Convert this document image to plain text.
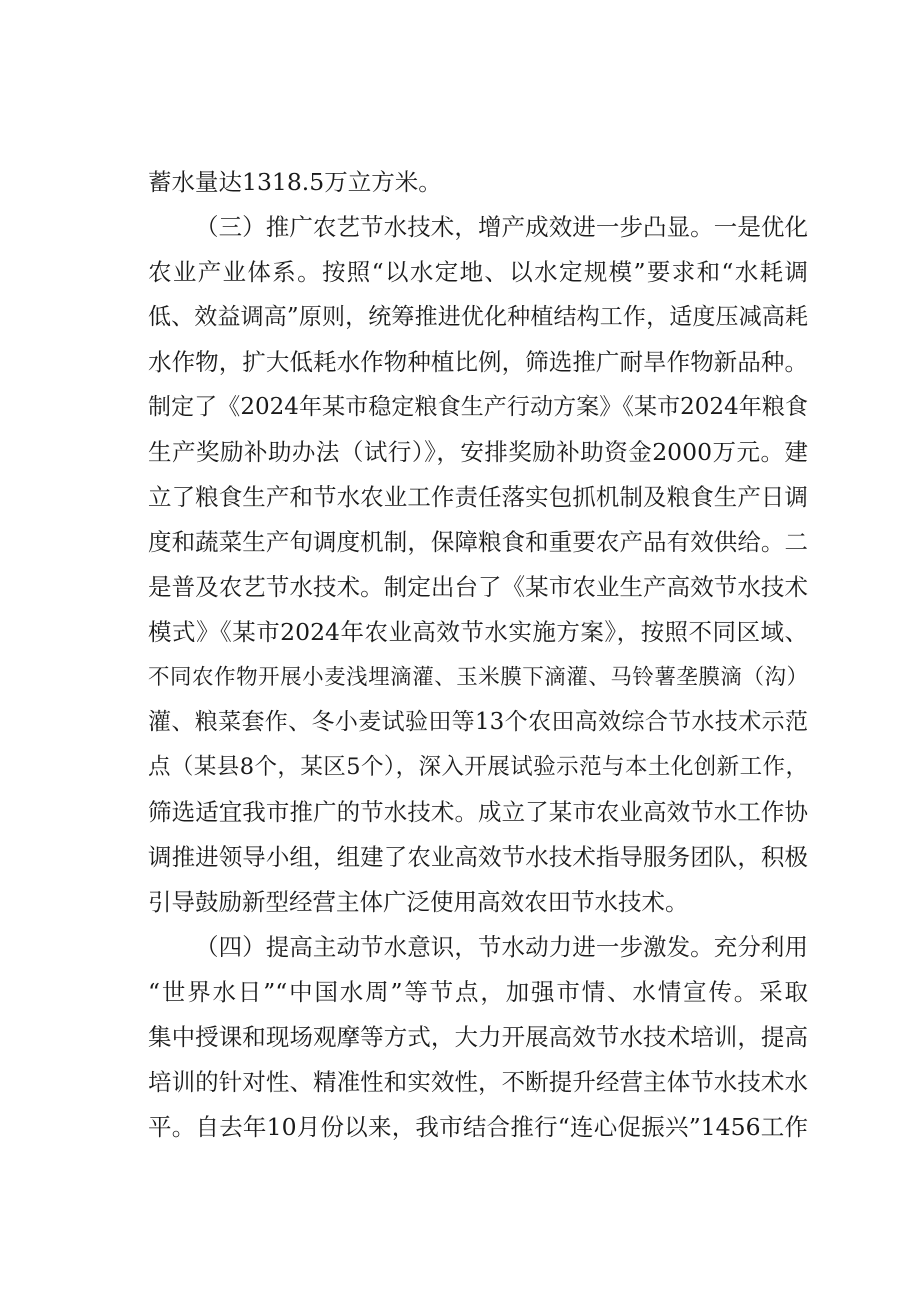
蓄水量达1318.5万立方米。
（三）推广农艺节水技术，增产成效进一步凸显。一是优化
农业产业体系。按照“以水定地、以水定规模”要求和“水耗调
低、效益调高”原则，统筹推进优化种植结构工作，适度压减高耗
水作物，扩大低耗水作物种植比例，筛选推广耐旱作物新品种。
制定了《2024年某市稳定粮食生产行动方案》《某市2024年粮食
生产奖励补助办法（试行）》，安排奖励补助资金2000万元。建
立了粮食生产和节水农业工作责任落实包抓机制及粮食生产日调
度和蔬菜生产旬调度机制，保障粮食和重要农产品有效供给。二
是普及农艺节水技术。制定出台了《某市农业生产高效节水技术
模式》《某市2024年农业高效节水实施方案》，按照不同区域、
不同农作物开展小麦浅埋滴灌、玉米膜下滴灌、马铃薯垄膜滴（沟）
灌、粮菜套作、冬小麦试验田等13个农田高效综合节水技术示范
点（某县8个，某区5个），深入开展试验示范与本土化创新工作，
筛选适宜我市推广的节水技术。成立了某市农业高效节水工作协
调推进领导小组，组建了农业高效节水技术指导服务团队，积极
引导鼓励新型经营主体广泛使用高效农田节水技术。
（四）提高主动节水意识，节水动力进一步激发。充分利用
“世界水日”“中国水周”等节点，加强市情、水情宣传。采取
集中授课和现场观摩等方式，大力开展高效节水技术培训，提高
培训的针对性、精准性和实效性，不断提升经营主体节水技术水
平。自去年10月份以来，我市结合推行“连心促振兴”1456工作
